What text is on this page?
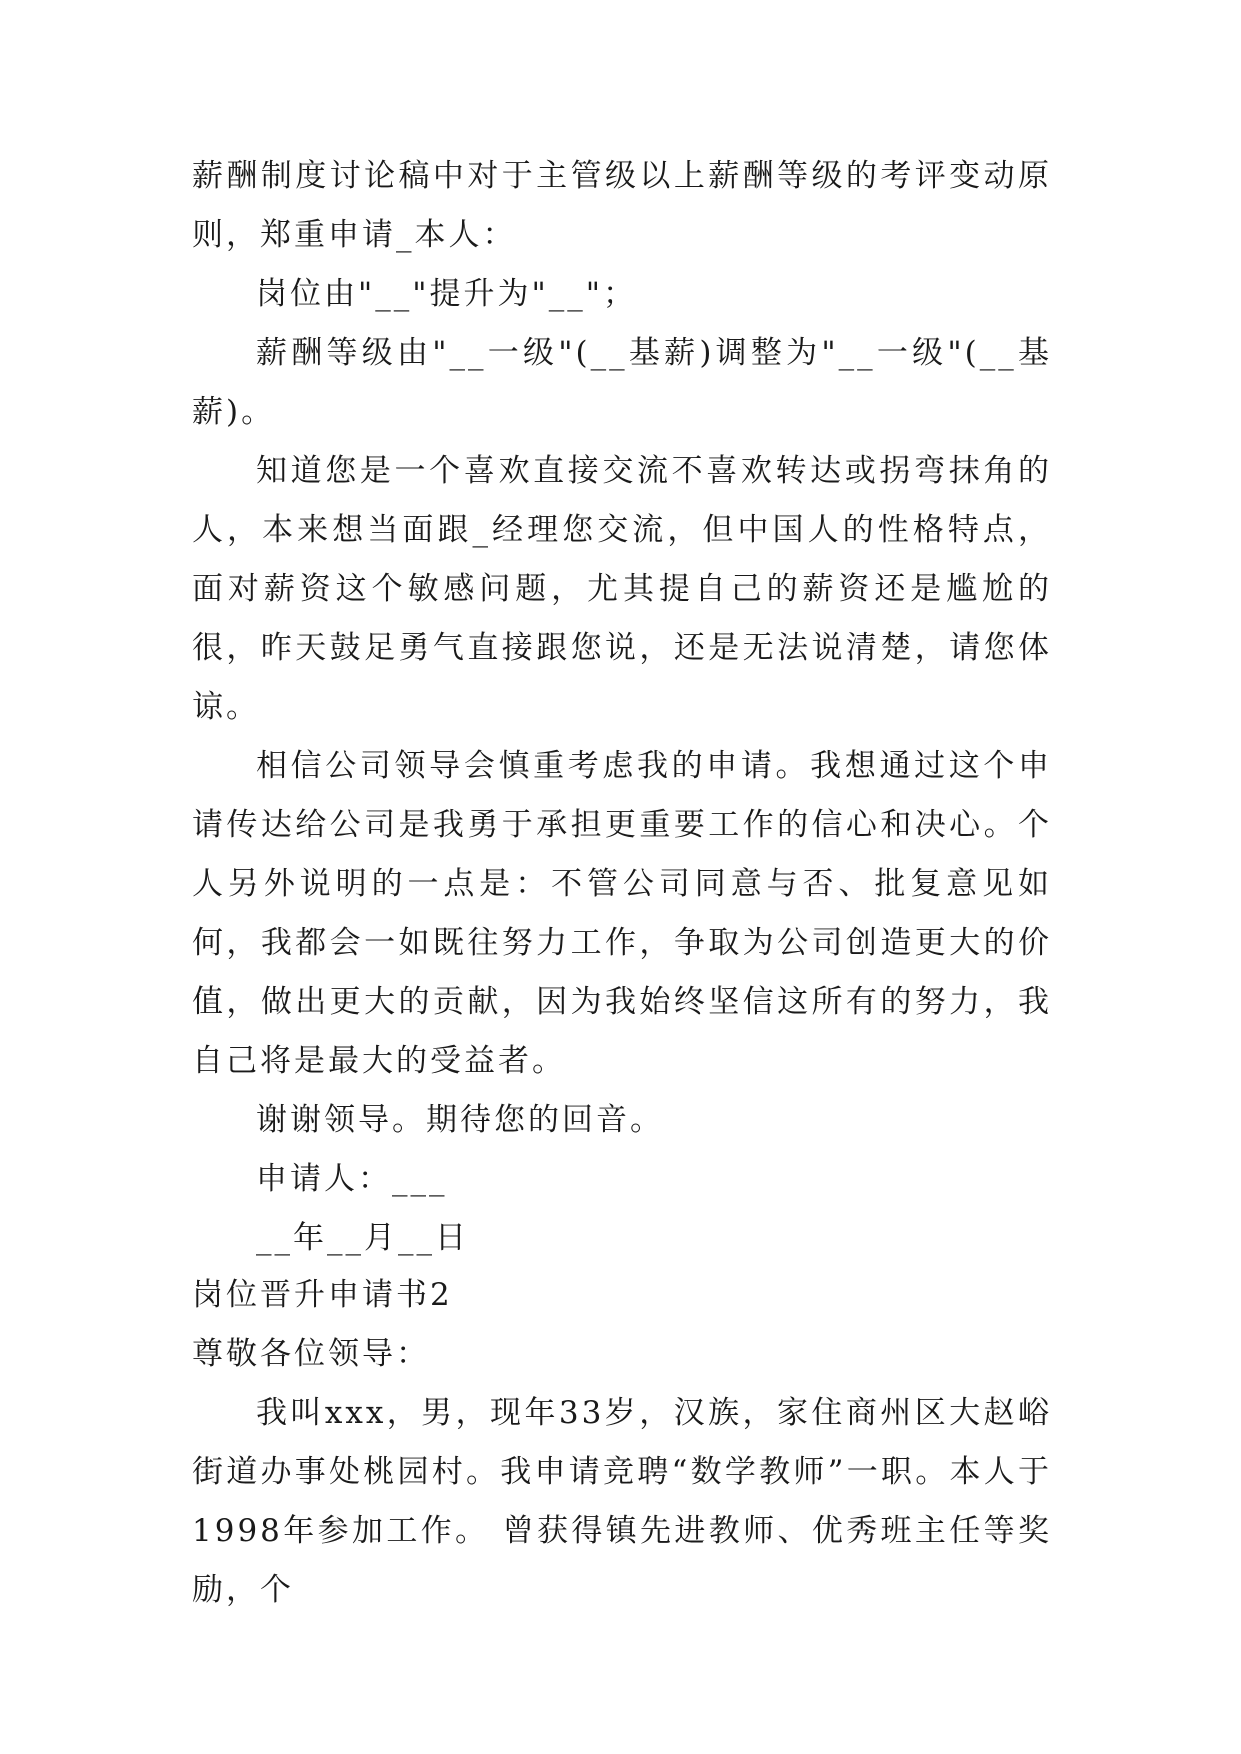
薪酬制度讨论稿中对于主管级以上薪酬等级的考评变动原则，郑重申请_本人：

岗位由"__"提升为"__"；

薪酬等级由"__一级"(__基薪)调整为"__一级"(__基薪)。

知道您是一个喜欢直接交流不喜欢转达或拐弯抹角的人，本来想当面跟_经理您交流，但中国人的性格特点，面对薪资这个敏感问题，尤其提自己的薪资还是尴尬的很，昨天鼓足勇气直接跟您说，还是无法说清楚，请您体谅。

相信公司领导会慎重考虑我的申请。我想通过这个申请传达给公司是我勇于承担更重要工作的信心和决心。个人另外说明的一点是：不管公司同意与否、批复意见如何，我都会一如既往努力工作，争取为公司创造更大的价值，做出更大的贡献，因为我始终坚信这所有的努力，我自己将是最大的受益者。

谢谢领导。期待您的回音。

申请人：___

__年__月__日

岗位晋升申请书2

尊敬各位领导：

我叫xxx，男，现年33岁，汉族，家住商州区大赵峪街道办事处桃园村。我申请竞聘“数学教师”一职。本人于1998年参加工作。 曾获得镇先进教师、优秀班主任等奖励，个
